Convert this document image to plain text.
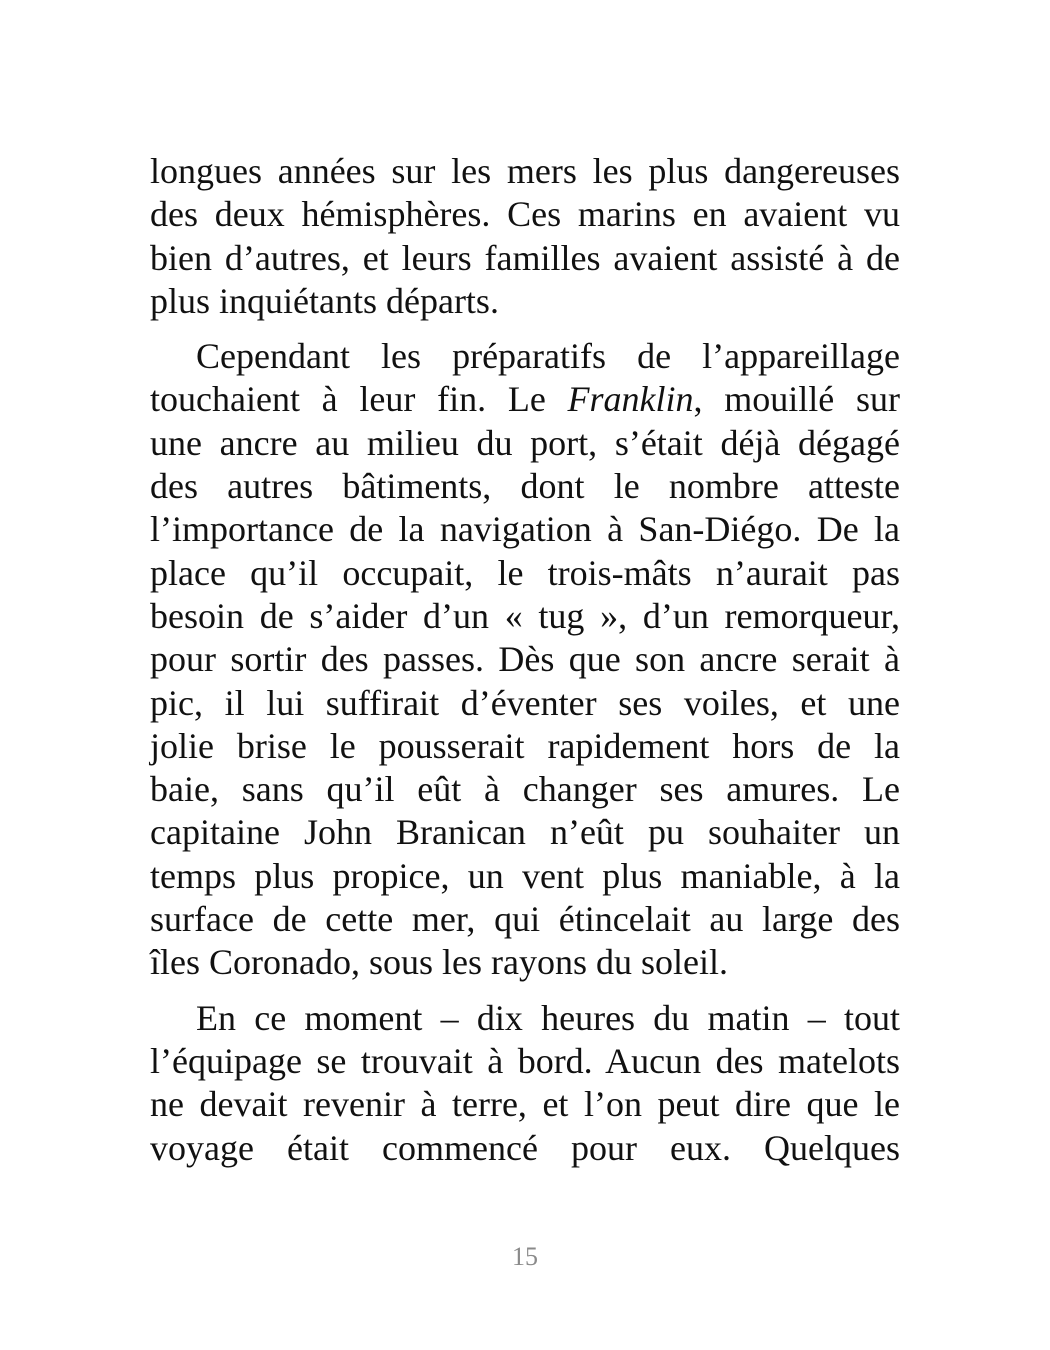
longues années sur les mers les plus dangereuses
des deux hémisphères. Ces marins en avaient vu
bien d’autres, et leurs familles avaient assisté à de
plus inquiétants départs.
Cependant les préparatifs de l’appareillage
touchaient à leur fin. Le Franklin, mouillé sur
une ancre au milieu du port, s’était déjà dégagé
des autres bâtiments, dont le nombre atteste
l’importance de la navigation à San-Diégo. De la
place qu’il occupait, le trois-mâts n’aurait pas
besoin de s’aider d’un « tug », d’un remorqueur,
pour sortir des passes. Dès que son ancre serait à
pic, il lui suffirait d’éventer ses voiles, et une
jolie brise le pousserait rapidement hors de la
baie, sans qu’il eût à changer ses amures. Le
capitaine John Branican n’eût pu souhaiter un
temps plus propice, un vent plus maniable, à la
surface de cette mer, qui étincelait au large des
îles Coronado, sous les rayons du soleil.
En ce moment – dix heures du matin – tout
l’équipage se trouvait à bord. Aucun des matelots
ne devait revenir à terre, et l’on peut dire que le
voyage était commencé pour eux. Quelques
15
